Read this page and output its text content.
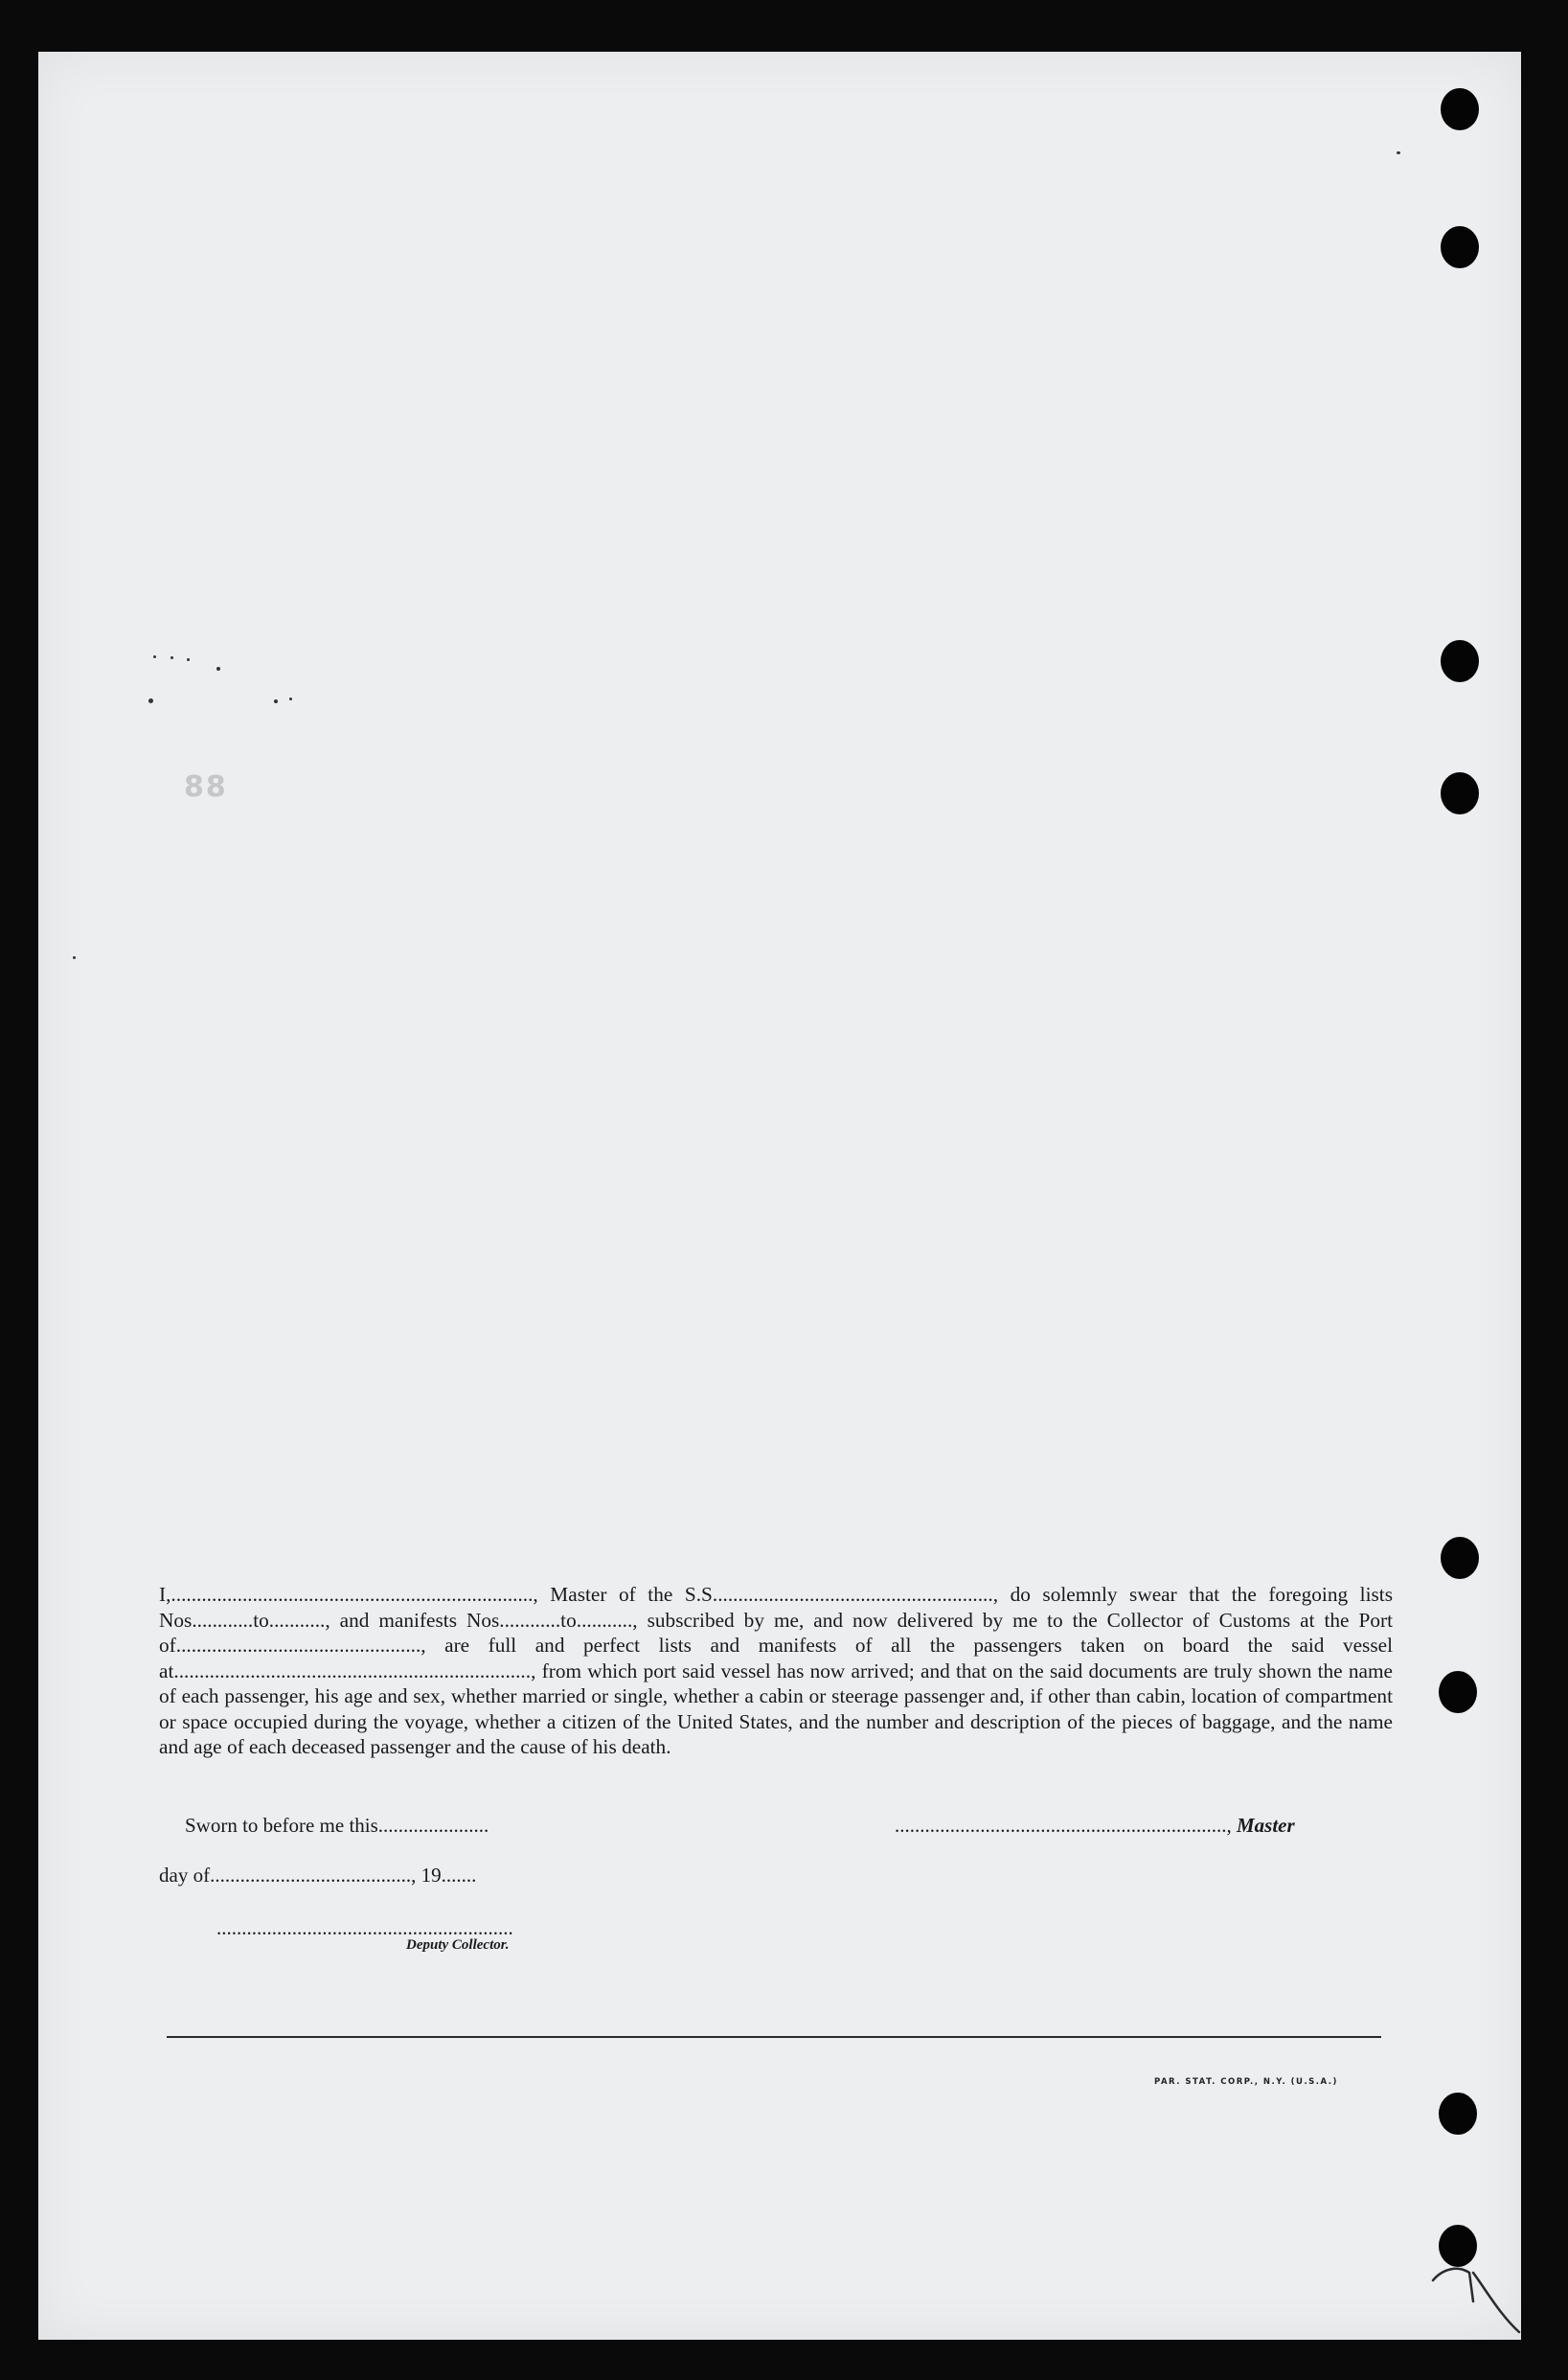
88

I,......................................................................., Master of the S.S......................................................., do solemnly swear that the foregoing lists Nos............to..........., and manifests Nos............to..........., subscribed by me, and now delivered by me to the Collector of Customs at the Port of................................................, are full and perfect lists and manifests of all the passengers taken on board the said vessel at......................................................................, from which port said vessel has now arrived; and that on the said documents are truly shown the name of each passenger, his age and sex, whether married or single, whether a cabin or steerage passenger and, if other than cabin, location of compartment or space occupied during the voyage, whether a citizen of the United States, and the number and description of the pieces of baggage, and the name and age of each deceased passenger and the cause of his death.

Sworn to before me this......................	.................................................................., Master
day of........................................, 19.......
...........................................................
Deputy Collector.
PAR. STAT. CORP., N.Y. (U.S.A.)
